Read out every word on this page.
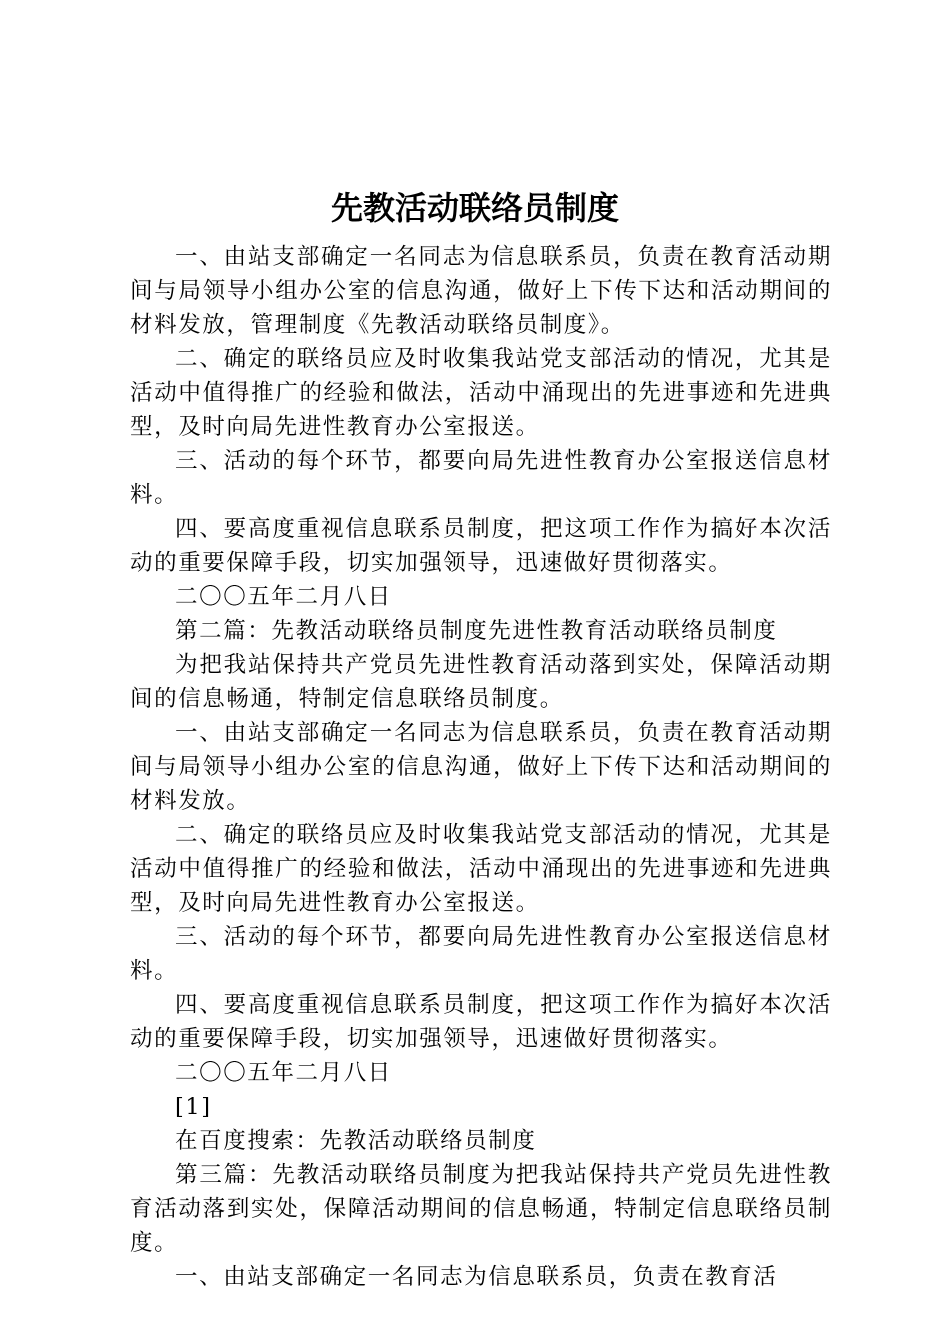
先教活动联络员制度

一、由站支部确定一名同志为信息联系员，负责在教育活动期间与局领导小组办公室的信息沟通，做好上下传下达和活动期间的材料发放，管理制度《先教活动联络员制度》。

二、确定的联络员应及时收集我站党支部活动的情况，尤其是活动中值得推广的经验和做法，活动中涌现出的先进事迹和先进典型，及时向局先进性教育办公室报送。

三、活动的每个环节，都要向局先进性教育办公室报送信息材料。

四、要高度重视信息联系员制度，把这项工作作为搞好本次活动的重要保障手段，切实加强领导，迅速做好贯彻落实。

二〇〇五年二月八日

第二篇：先教活动联络员制度先进性教育活动联络员制度

为把我站保持共产党员先进性教育活动落到实处，保障活动期间的信息畅通，特制定信息联络员制度。

一、由站支部确定一名同志为信息联系员，负责在教育活动期间与局领导小组办公室的信息沟通，做好上下传下达和活动期间的材料发放。

二、确定的联络员应及时收集我站党支部活动的情况，尤其是活动中值得推广的经验和做法，活动中涌现出的先进事迹和先进典型，及时向局先进性教育办公室报送。

三、活动的每个环节，都要向局先进性教育办公室报送信息材料。

四、要高度重视信息联系员制度，把这项工作作为搞好本次活动的重要保障手段，切实加强领导，迅速做好贯彻落实。

二〇〇五年二月八日

[1]

在百度搜索：先教活动联络员制度

第三篇：先教活动联络员制度为把我站保持共产党员先进性教育活动落到实处，保障活动期间的信息畅通，特制定信息联络员制度。

一、由站支部确定一名同志为信息联系员，负责在教育活
